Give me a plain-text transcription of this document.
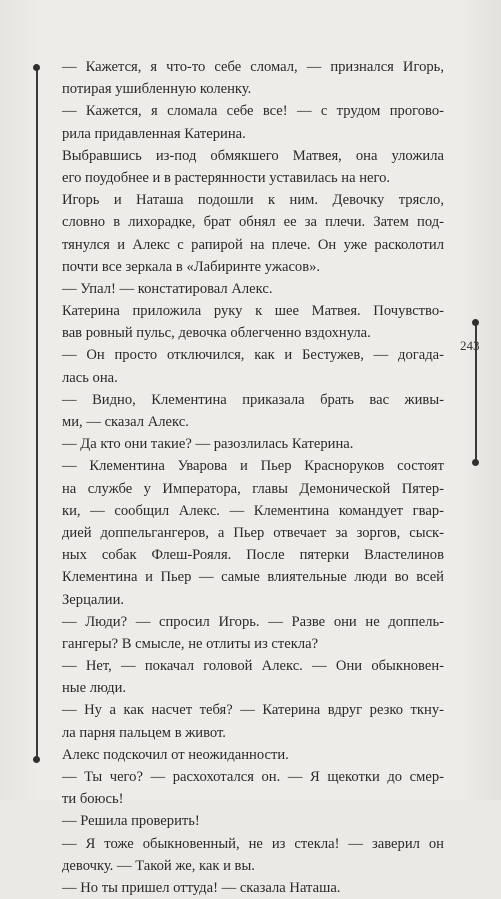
243
— Кажется, я что-то себе сломал, — признался Игорь,
потирая ушибленную коленку.
— Кажется, я сломала себе все! — с трудом прогово-
рила придавленная Катерина.
Выбравшись из-под обмякшего Матвея, она уложила
его поудобнее и в растерянности уставилась на него.
Игорь и Наташа подошли к ним. Девочку трясло,
словно в лихорадке, брат обнял ее за плечи. Затем под-
тянулся и Алекс с рапирой на плече. Он уже расколотил
почти все зеркала в «Лабиринте ужасов».
— Упал! — констатировал Алекс.
Катерина приложила руку к шее Матвея. Почувство-
вав ровный пульс, девочка облегченно вздохнула.
— Он просто отключился, как и Бестужев, — догада-
лась она.
— Видно, Клементина приказала брать вас живы-
ми, — сказал Алекс.
— Да кто они такие? — разозлилась Катерина.
— Клементина Уварова и Пьер Красноруков состоят
на службе у Императора, главы Демонической Пятер-
ки, — сообщил Алекс. — Клементина командует гвар-
дией доппельгангеров, а Пьер отвечает за зоргов, сыск-
ных собак Флеш-Рояля. После пятерки Властелинов
Клементина и Пьер — самые влиятельные люди во всей
Зерцалии.
— Люди? — спросил Игорь. — Разве они не доппель-
гангеры? В смысле, не отлиты из стекла?
— Нет, — покачал головой Алекс. — Они обыкновен-
ные люди.
— Ну а как насчет тебя? — Катерина вдруг резко ткну-
ла парня пальцем в живот.
Алекс подскочил от неожиданности.
— Ты чего? — расхохотался он. — Я щекотки до смер-
ти боюсь!
— Решила проверить!
— Я тоже обыкновенный, не из стекла! — заверил он
девочку. — Такой же, как и вы.
— Но ты пришел оттуда! — сказала Наташа.
